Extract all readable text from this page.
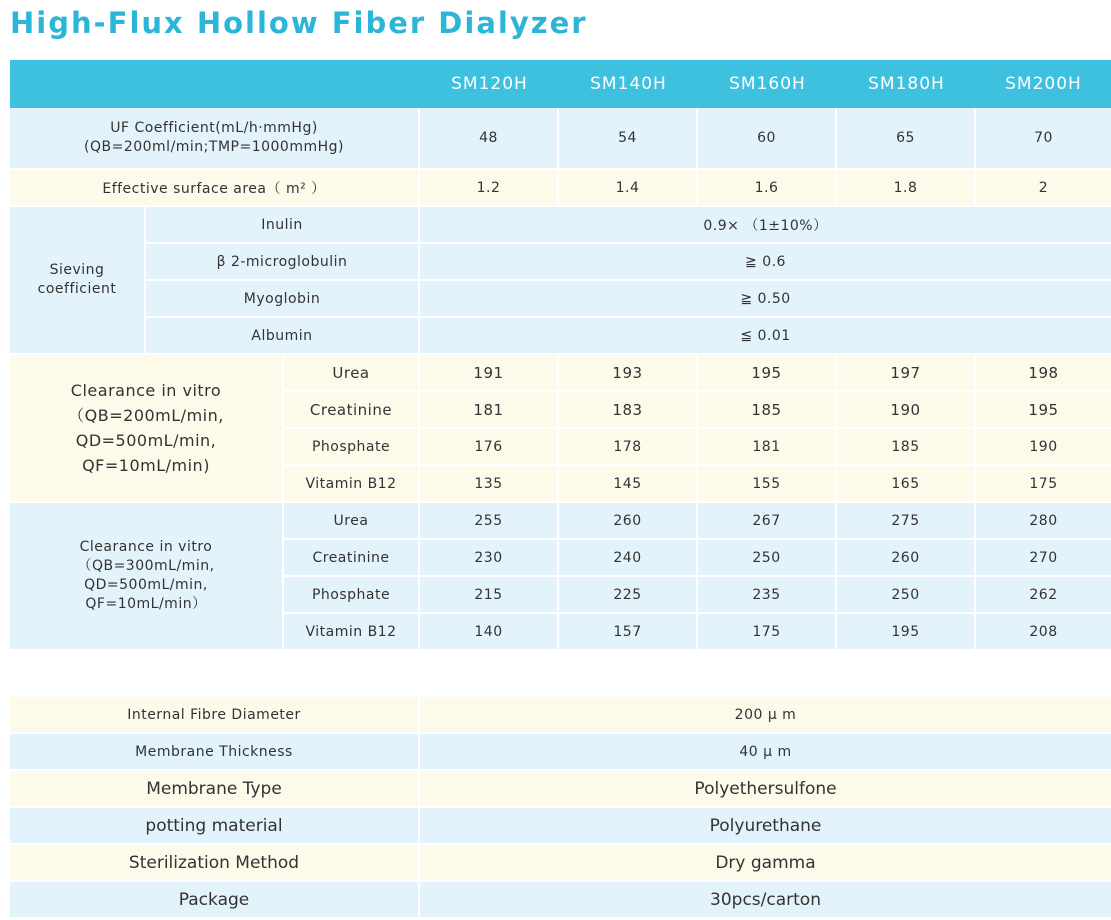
High-Flux Hollow Fiber Dialyzer
			SM120H	SM140H	SM160H	SM180H	SM200H

UF Coefficient(mL/h·mmHg)
(QB=200ml/min;TMP=1000mmHg)			48	54	60	65	70
Effective surface area（ m² ）			1.2	1.4	1.6	1.8	2

Sieving
coefficient	Inulin		0.9× （1±10%）				
	β 2-microglobulin		≧ 0.6				
	Myoglobin		≧ 0.50				
	Albumin		≦ 0.01				

Clearance in vitro
（QB=200mL/min,
QD=500mL/min,
QF=10mL/min)		Urea	191	193	195	197	198
		Creatinine	181	183	185	190	195
		Phosphate	176	178	181	185	190
		Vitamin B12	135	145	155	165	175

Clearance in vitro
（QB=300mL/min,
QD=500mL/min,
QF=10mL/min）		Urea	255	260	267	275	280
		Creatinine	230	240	250	260	270
		Phosphate	215	225	235	250	262
		Vitamin B12	140	157	175	195	208
Internal Fibre Diameter	200 μ m
Membrane Thickness	40 μ m
Membrane Type	Polyethersulfone
potting material	Polyurethane
Sterilization Method	Dry gamma
Package	30pcs/carton
